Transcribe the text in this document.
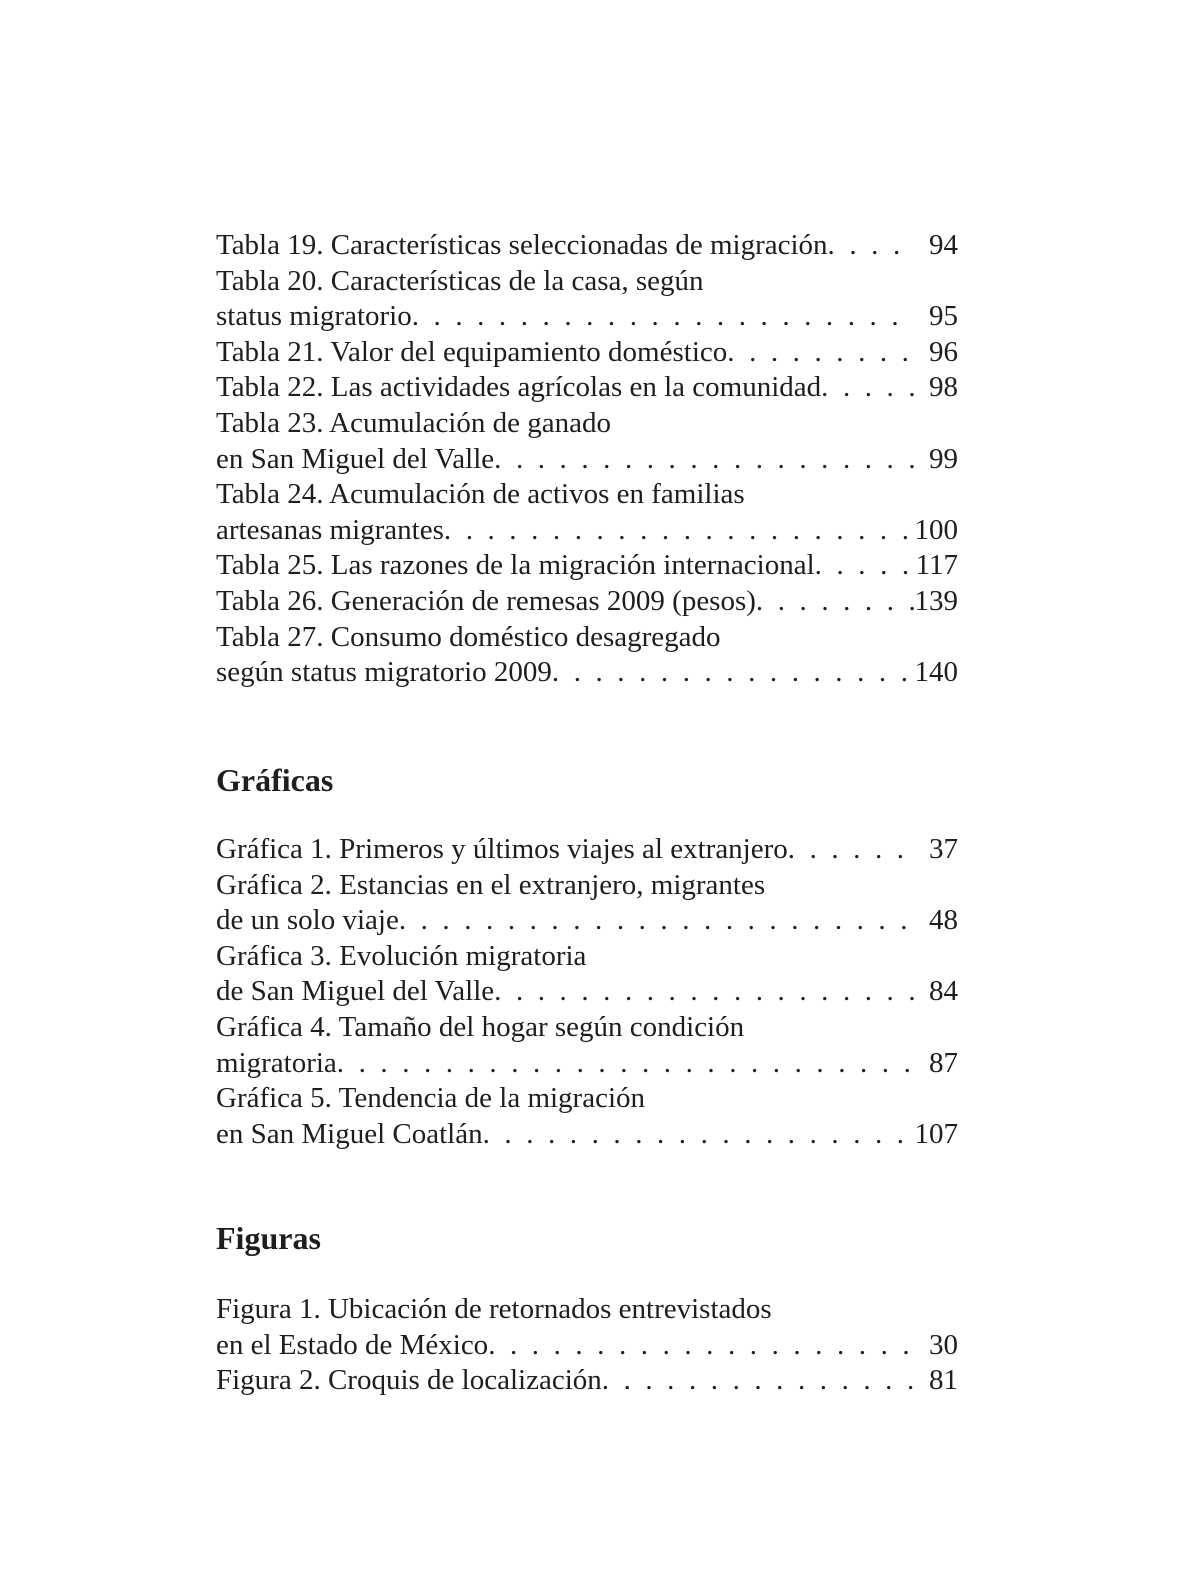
Tabla 19. Características seleccionadas de migración . . .	94
Tabla 20. Características de la casa, según
status migratorio . . .	95
Tabla 21. Valor del equipamiento doméstico . . .	96
Tabla 22. Las actividades agrícolas en la comunidad . . .	98
Tabla 23. Acumulación de ganado
en San Miguel del Valle . . .	99
Tabla 24. Acumulación de activos en familias
artesanas migrantes . . .	100
Tabla 25. Las razones de la migración internacional . . .	117
Tabla 26. Generación de remesas 2009 (pesos) . . .	139
Tabla 27. Consumo doméstico desagregado
según status migratorio 2009 . . .	140
Gráficas
Gráfica 1. Primeros y últimos viajes al extranjero . . .	37
Gráfica 2. Estancias en el extranjero, migrantes
de un solo viaje . . .	48
Gráfica 3. Evolución migratoria
de San Miguel del Valle . . .	84
Gráfica 4. Tamaño del hogar según condición
migratoria . . .	87
Gráfica 5. Tendencia de la migración
en San Miguel Coatlán . . .	107
Figuras
Figura 1. Ubicación de retornados entrevistados
en el Estado de México . . .	30
Figura 2. Croquis de localización . . .	81
